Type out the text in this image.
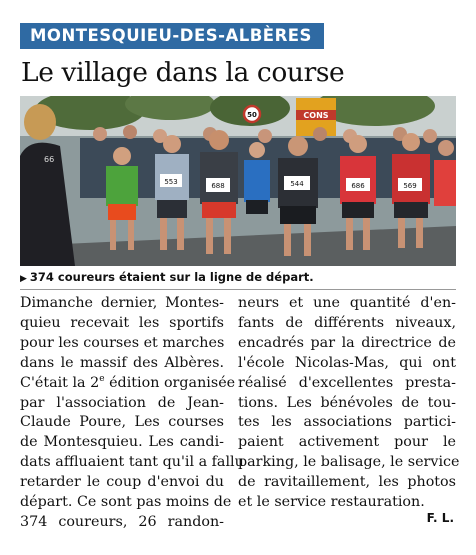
MONTESQUIEU-DES-ALBÈRES
Le village dans la course
CONS
50
66
553	688	544	686	569
▶ 374 coureurs étaient sur la ligne de départ.
Dimanche dernier, Montes-
quieu recevait les sportifs
pour les courses et marches
dans le massif des Albères.
C'était la 2e édition organisée
par l'association de Jean-
Claude Poure, Les courses
de Montesquieu. Les candi-
dats affluaient tant qu'il a fallu
retarder le coup d'envoi du
départ. Ce sont pas moins de
374 coureurs, 26 randon-
neurs et une quantité d'en-
fants de différents niveaux,
encadrés par la directrice de
l'école Nicolas-Mas, qui ont
réalisé d'excellentes presta-
tions. Les bénévoles de tou-
tes les associations partici-
paient activement pour le
parking, le balisage, le service
de ravitaillement, les photos
et le service restauration.
F. L.
